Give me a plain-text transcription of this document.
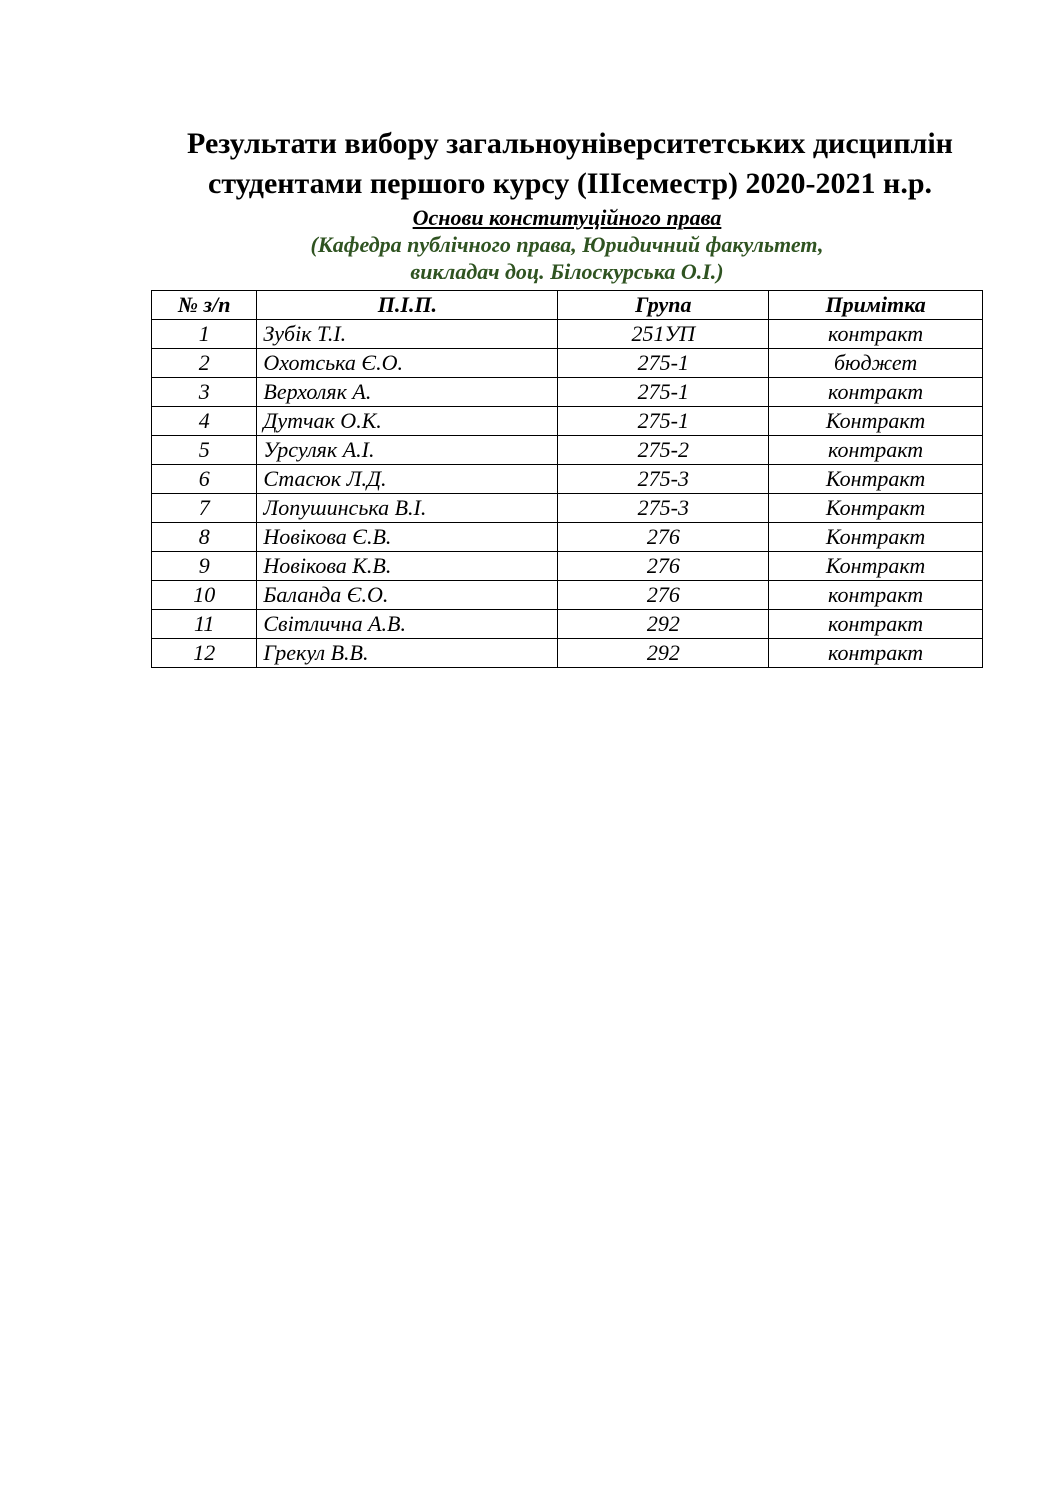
Результати вибору загальноуніверситетських дисциплін
студентами першого курсу (ІІІсеместр) 2020-2021 н.р.
Основи конституційного права
(Кафедра публічного права, Юридичний факультет,
викладач доц. Білоскурська О.І.)
№ з/п	П.І.П.	Група	Примітка
1	Зубік Т.І.	251УП	контракт
2	Охотська Є.О.	275-1	бюджет
3	Верхоляк А.	275-1	контракт
4	Дутчак О.К.	275-1	Контракт
5	Урсуляк А.І.	275-2	контракт
6	Стасюк Л.Д.	275-3	Контракт
7	Лопушинська В.І.	275-3	Контракт
8	Новікова Є.В.	276	Контракт
9	Новікова К.В.	276	Контракт
10	Баланда Є.О.	276	контракт
11	Світлична А.В.	292	контракт
12	Грекул В.В.	292	контракт
